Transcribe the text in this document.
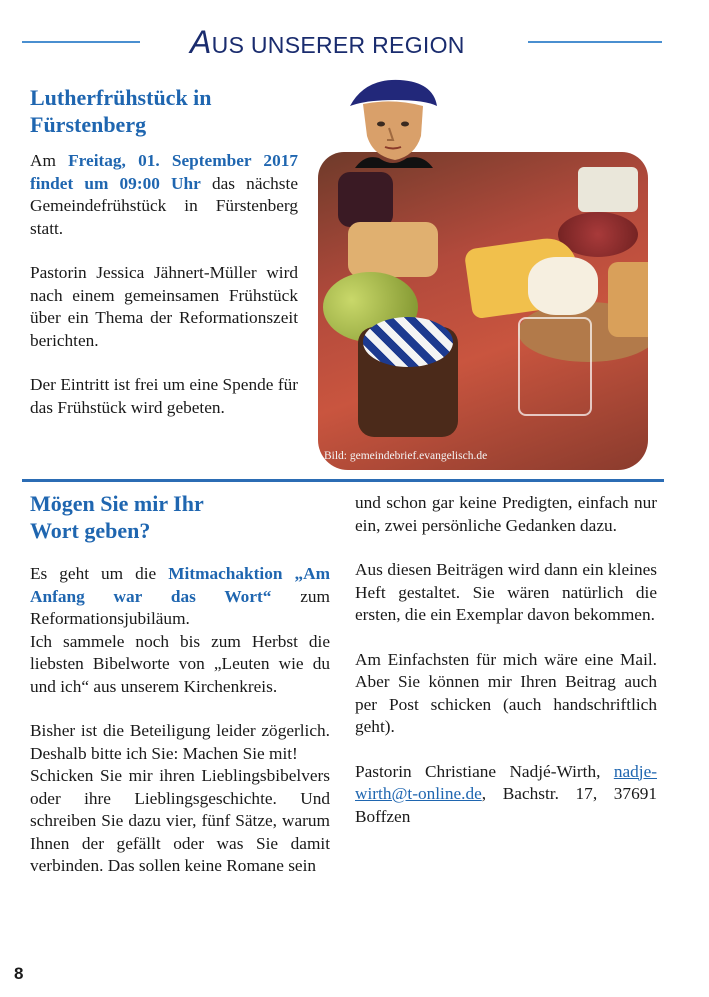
AUS UNSERER REGION
Lutherfrühstück in
Fürstenberg

Am Freitag, 01. September 2017 findet um 09:00 Uhr das nächste Gemeindefrühstück in Fürstenberg statt.

Pastorin Jessica Jähnert-Müller wird nach einem gemeinsamen Frühstück über ein Thema der Reformationszeit berichten.

Der Eintritt ist frei um eine Spende für das Frühstück wird gebeten.

Bild: gemeindebrief.evangelisch.de
Mögen Sie mir Ihr
Wort geben?

Es geht um die Mitmachaktion „Am Anfang war das Wort“ zum Reformationsjubiläum.

Ich sammele noch bis zum Herbst die liebsten Bibelworte von „Leuten wie du und ich“ aus unserem Kirchenkreis.

Bisher ist die Beteiligung leider zögerlich. Deshalb bitte ich Sie: Machen Sie mit!

Schicken Sie mir ihren Lieblingsbibelvers oder ihre Lieblingsgeschichte. Und schreiben Sie dazu vier, fünf Sätze, warum Ihnen der gefällt oder was Sie damit verbinden. Das sollen keine Romane sein

und schon gar keine Predigten, einfach nur ein, zwei persönliche Gedanken dazu.

Aus diesen Beiträgen wird dann ein kleines Heft gestaltet. Sie wären natürlich die ersten, die ein Exemplar davon bekommen.

Am Einfachsten für mich wäre eine Mail. Aber Sie können mir Ihren Beitrag auch per Post schicken (auch handschriftlich geht).

Pastorin Christiane Nadjé-Wirth, nadje-wirth@t-online.de, Bachstr. 17, 37691 Boffzen

8
